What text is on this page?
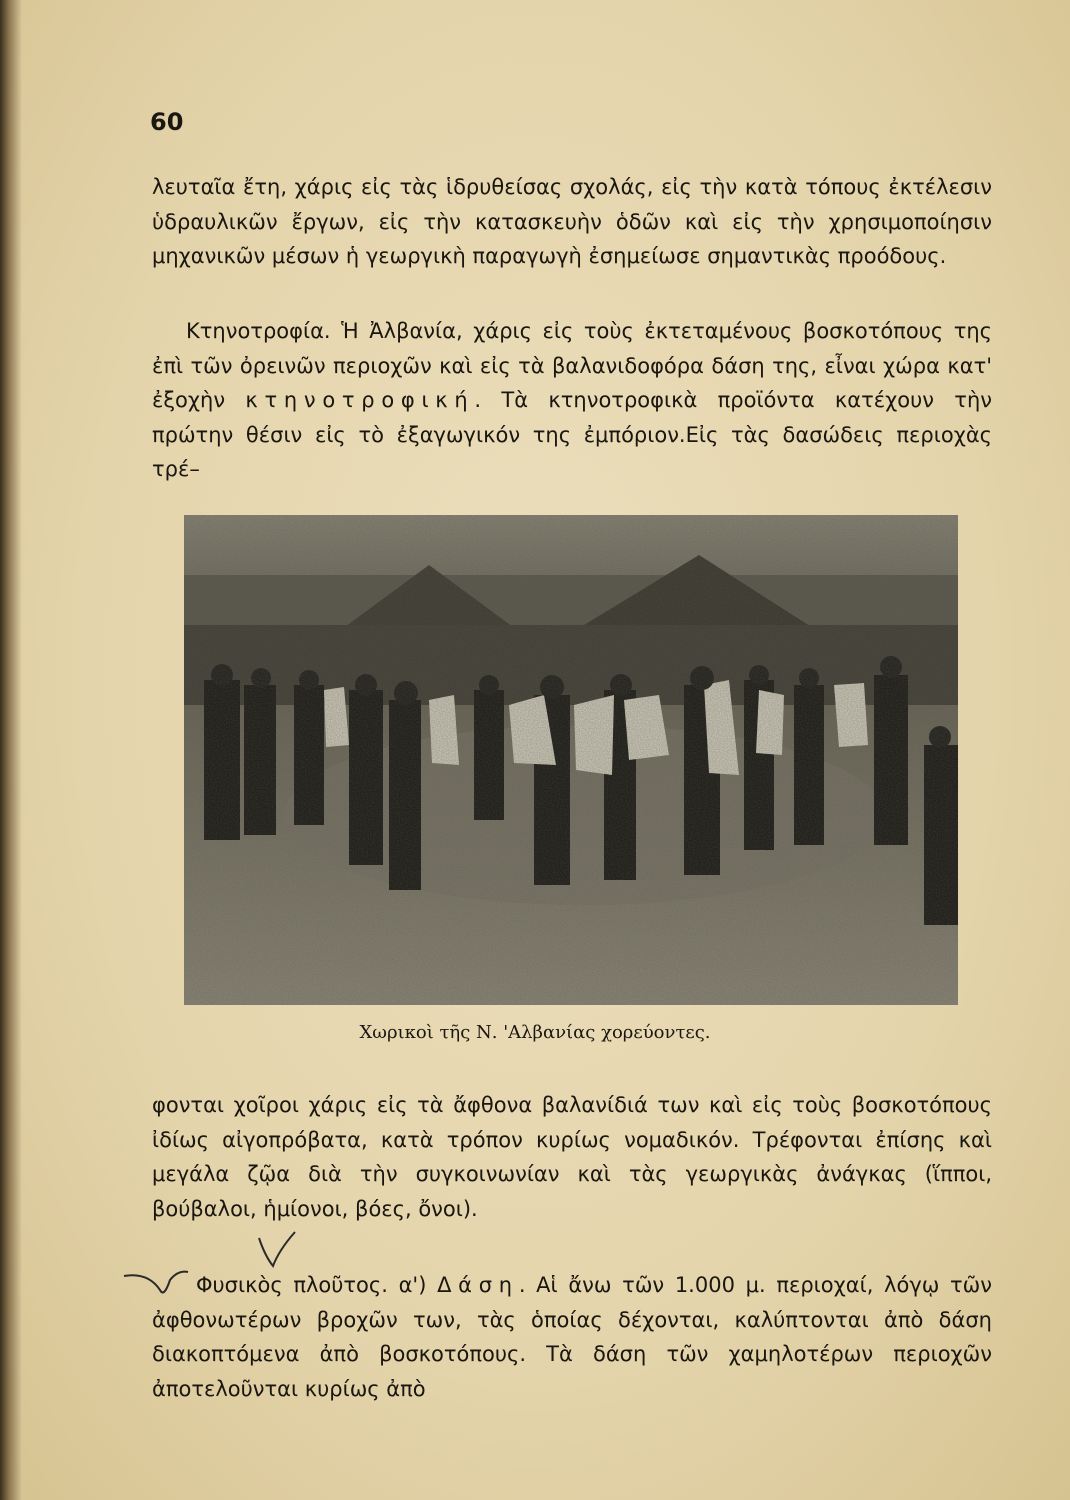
60

λευταῖα ἔτη, χάρις εἰς τὰς ἱδρυθείσας σχολάς, εἰς τὴν κατὰ τόπους ἐκτέλεσιν ὑδραυλικῶν ἔργων, εἰς τὴν κατασκευὴν ὁδῶν καὶ εἰς τὴν χρησιμοποίησιν μηχανικῶν μέσων ἡ γεωργικὴ παραγωγὴ ἐσημείωσε σημαντικὰς προόδους.

Κτηνοτροφία. Ἡ Ἀλβανία, χάρις εἰς τοὺς ἐκτεταμένους βοσκοτόπους της ἐπὶ τῶν ὀρεινῶν περιοχῶν καὶ εἰς τὰ βαλανιδοφόρα δάση της, εἶναι χώρα κατ' ἐξοχὴν κτηνοτροφική. Τὰ κτηνοτροφικὰ προϊόντα κατέχουν τὴν πρώτην θέσιν εἰς τὸ ἐξαγωγικόν της ἐμπόριον.Εἰς τὰς δασώδεις περιοχὰς τρέ–

Χωρικοὶ τῆς Ν. 'Αλβανίας χορεύοντες.

φονται χοῖροι χάρις εἰς τὰ ἄφθονα βαλανίδιά των καὶ εἰς τοὺς βοσκοτόπους ἰδίως αἰγοπρόβατα, κατὰ τρόπον κυρίως νομαδικόν. Τρέφονται ἐπίσης καὶ μεγάλα ζῷα διὰ τὴν συγκοινωνίαν καὶ τὰς γεωργικὰς ἀνάγκας (ἵπποι, βούβαλοι, ἡμίονοι, βόες, ὄνοι).

Φυσικὸς πλοῦτος. α') Δάση. Αἱ ἄνω τῶν 1.000 μ. περιοχαί, λόγῳ τῶν ἀφθονωτέρων βροχῶν των, τὰς ὁποίας δέχονται, καλύπτονται ἀπὸ δάση διακοπτόμενα ἀπὸ βοσκοτόπους. Τὰ δάση τῶν χαμηλοτέρων περιοχῶν ἀποτελοῦνται κυρίως ἀπὸ
